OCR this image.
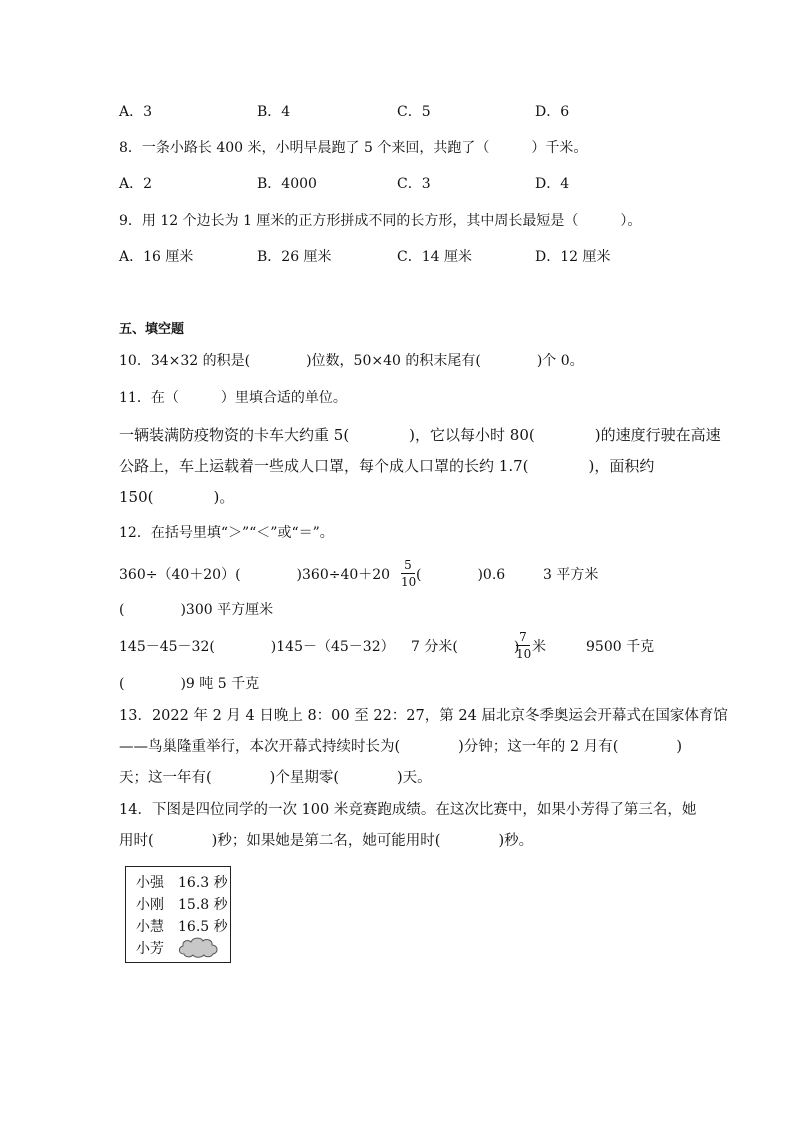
A．3	B．4	C．5	D．6
8．一条小路长 400 米，小明早晨跑了 5 个来回，共跑了（　　　）千米。
A．2	B．4000	C．3	D．4
9．用 12 个边长为 1 厘米的正方形拼成不同的长方形，其中周长最短是（　　　）。
A．16 厘米	B．26 厘米	C．14 厘米	D．12 厘米
五、填空题
10．34×32 的积是(　　　　)位数，50×40 的积末尾有(　　　　)个 0。
11．在（　　　）里填合适的单位。
一辆装满防疫物资的卡车大约重 5(　　　　)，它以每小时 80(　　　　)的速度行驶在高速
公路上，车上运载着一些成人口罩，每个成人口罩的长约 1.7(　　　　)，面积约
150(　　　　)。
12．在括号里填“＞”“＜”或“＝”。
360÷（40＋20）(　　　　)360÷40＋20
5
10 (　　　　)0.6	3 平方米
(　　　　)300 平方厘米
145－45－32(　　　　)145－（45－32） 7 分米(　　　　)
7
10 米	9500 千克
(　　　　)9 吨 5 千克
13．2022 年 2 月 4 日晚上 8：00 至 22：27，第 24 届北京冬季奥运会开幕式在国家体育馆
——鸟巢隆重举行，本次开幕式持续时长为(　　　　)分钟；这一年的 2 月有(　　　　)
天；这一年有(　　　　)个星期零(　　　　)天。
14．下图是四位同学的一次 100 米竞赛跑成绩。在这次比赛中，如果小芳得了第三名，她
用时(　　　　)秒；如果她是第二名，她可能用时(　　　　)秒。
小强 16.3 秒
小刚 15.8 秒
小慧 16.5 秒
小芳
